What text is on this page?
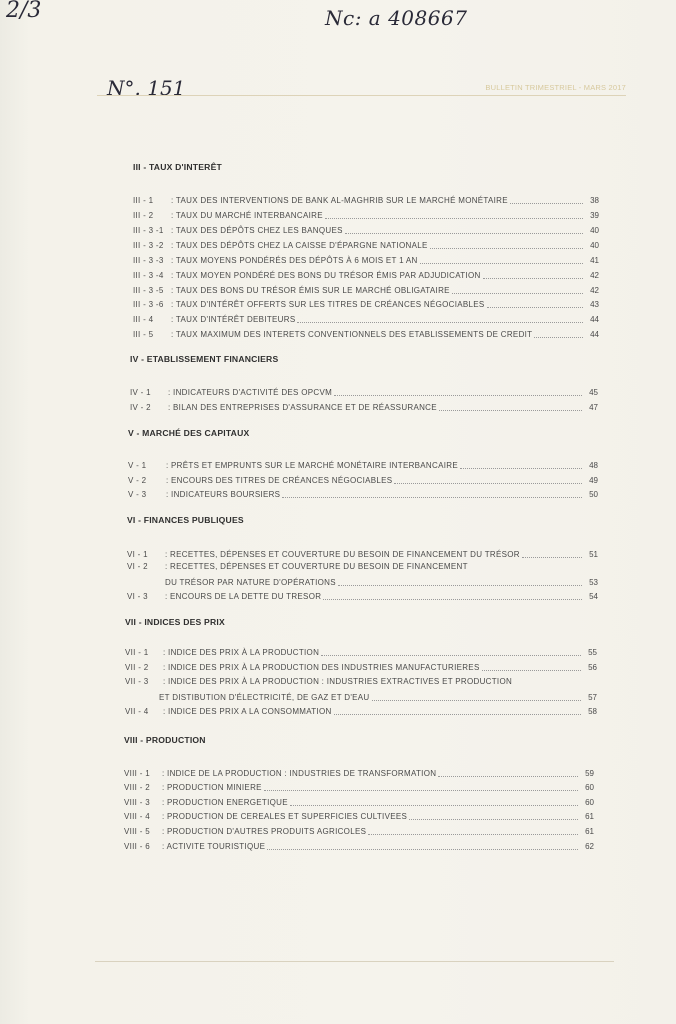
2/3	Nc: a 408667
N°. 151	BULLETIN TRIMESTRIEL - MARS 2017
III - TAUX D'INTERÊT
III - 1	: TAUX DES INTERVENTIONS DE BANK AL-MAGHRIB SUR LE MARCHÉ MONÉTAIRE	38
III - 2	: TAUX DU MARCHÉ INTERBANCAIRE	39
III - 3 -1 : TAUX DES DÉPÔTS CHEZ LES BANQUES	40
III - 3 -2 : TAUX DES DÉPÔTS CHEZ LA CAISSE D'ÉPARGNE NATIONALE	40
III - 3 -3 : TAUX MOYENS PONDÉRÉS DES DÉPÔTS À 6 MOIS ET 1 AN	41
III - 3 -4 : TAUX MOYEN PONDÉRÉ DES BONS DU TRÉSOR ÉMIS PAR ADJUDICATION	42
III - 3 -5 : TAUX DES BONS DU TRÉSOR ÉMIS SUR LE MARCHÉ OBLIGATAIRE	42
III - 3 -6 : TAUX D'INTÉRÊT OFFERTS SUR LES TITRES DE CRÉANCES NÉGOCIABLES	43
III - 4	: TAUX D'INTÉRÊT DEBITEURS	44
III - 5	: TAUX MAXIMUM DES INTERETS CONVENTIONNELS DES ETABLISSEMENTS DE CREDIT	44
IV - ETABLISSEMENT FINANCIERS
IV - 1	: INDICATEURS D'ACTIVITÉ DES OPCVM	45
IV - 2	: BILAN DES ENTREPRISES D'ASSURANCE ET DE RÉASSURANCE	47
V - MARCHÉ DES CAPITAUX
V - 1	: PRÊTS ET EMPRUNTS SUR LE MARCHÉ MONÉTAIRE INTERBANCAIRE	48
V - 2	: ENCOURS DES TITRES DE CRÉANCES NÉGOCIABLES	49
V - 3	: INDICATEURS BOURSIERS	50
VI - FINANCES PUBLIQUES
VI - 1	: RECETTES, DÉPENSES ET COUVERTURE DU BESOIN DE FINANCEMENT DU TRÉSOR	51
VI - 2	: RECETTES, DÉPENSES ET COUVERTURE DU BESOIN DE FINANCEMENT
DU TRÉSOR PAR NATURE D'OPÉRATIONS	53
VI - 3	: ENCOURS DE LA DETTE DU TRESOR	54
VII - INDICES DES PRIX
VII - 1	: INDICE DES PRIX À LA PRODUCTION	55
VII - 2	: INDICE DES PRIX À LA PRODUCTION DES INDUSTRIES MANUFACTURIERES	56
VII - 3	: INDICE DES PRIX À LA PRODUCTION : INDUSTRIES EXTRACTIVES ET PRODUCTION
ET DISTIBUTION D'ÉLECTRICITÉ, DE GAZ ET D'EAU	57
VII - 4	: INDICE DES PRIX A LA CONSOMMATION	58
VIII - PRODUCTION
VIII - 1	: INDICE DE LA PRODUCTION : INDUSTRIES DE TRANSFORMATION	59
VIII - 2	: PRODUCTION MINIERE	60
VIII - 3	: PRODUCTION ENERGETIQUE	60
VIII - 4	: PRODUCTION DE CEREALES ET SUPERFICIES CULTIVEES	61
VIII - 5	: PRODUCTION D'AUTRES PRODUITS AGRICOLES	61
VIII - 6	: ACTIVITE TOURISTIQUE	62
